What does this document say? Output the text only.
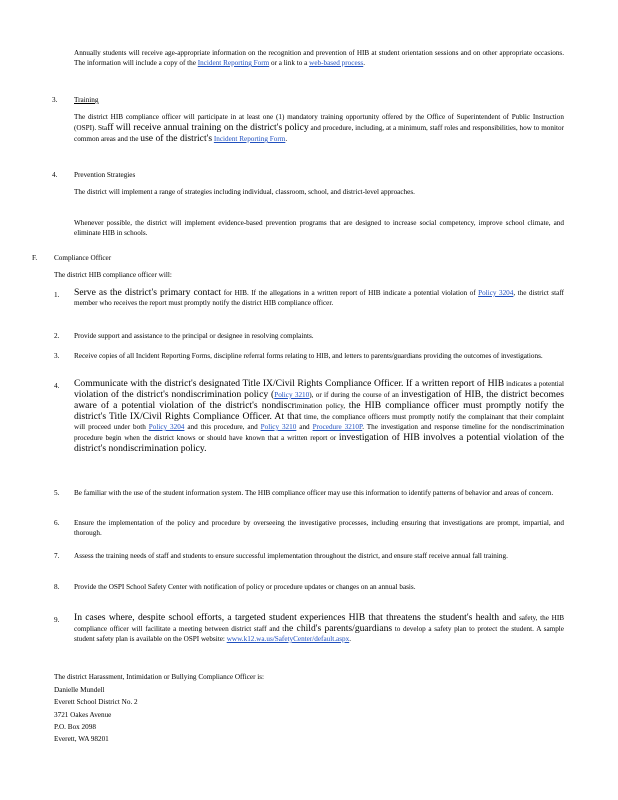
Annually students will receive age-appropriate information on the recognition and prevention of HIB at student orientation sessions and on other appropriate occasions. The information will include a copy of the Incident Reporting Form or a link to a web-based process.
3.	Training
The district HIB compliance officer will participate in at least one (1) mandatory training opportunity offered by the Office of Superintendent of Public Instruction (OSPI). Staff will receive annual training on the district's policy and procedure, including, at a minimum, staff roles and responsibilities, how to monitor common areas and the use of the district's Incident Reporting Form.
4.	Prevention Strategies
The district will implement a range of strategies including individual, classroom, school, and district-level approaches.
Whenever possible, the district will implement evidence-based prevention programs that are designed to increase social competency, improve school climate, and eliminate HIB in schools.
F.	Compliance Officer
The district HIB compliance officer will:
1.	Serve as the district's primary contact for HIB. If the allegations in a written report of HIB indicate a potential violation of Policy 3204, the district staff member who receives the report must promptly notify the district HIB compliance officer.
2.	Provide support and assistance to the principal or designee in resolving complaints.
3.	Receive copies of all Incident Reporting Forms, discipline referral forms relating to HIB, and letters to parents/guardians providing the outcomes of investigations.
4.	Communicate with the district's designated Title IX/Civil Rights Compliance Officer. If a written report of HIB indicates a potential violation of the district's nondiscrimination policy (Policy 3210), or if during the course of an investigation of HIB, the district becomes aware of a potential violation of the district's nondiscrimination policy, the HIB compliance officer must promptly notify the district's Title IX/Civil Rights Compliance Officer. At that time, the compliance officers must promptly notify the complainant that their complaint will proceed under both Policy 3204 and this procedure, and Policy 3210 and Procedure 3210P. The investigation and response timeline for the nondiscrimination procedure begin when the district knows or should have known that a written report or investigation of HIB involves a potential violation of the district's nondiscrimination policy.
5.	Be familiar with the use of the student information system. The HIB compliance officer may use this information to identify patterns of behavior and areas of concern.
6.	Ensure the implementation of the policy and procedure by overseeing the investigative processes, including ensuring that investigations are prompt, impartial, and thorough.
7.	Assess the training needs of staff and students to ensure successful implementation throughout the district, and ensure staff receive annual fall training.
8.	Provide the OSPI School Safety Center with notification of policy or procedure updates or changes on an annual basis.
9.	In cases where, despite school efforts, a targeted student experiences HIB that threatens the student's health and safety, the HIB compliance officer will facilitate a meeting between district staff and the child's parents/guardians to develop a safety plan to protect the student. A sample student safety plan is available on the OSPI website: www.k12.wa.us/SafetyCenter/default.aspx.
The district Harassment, Intimidation or Bullying Compliance Officer is:
Danielle Mundell
Everett School District No. 2
3721 Oakes Avenue
P.O. Box 2098
Everett, WA 98201
